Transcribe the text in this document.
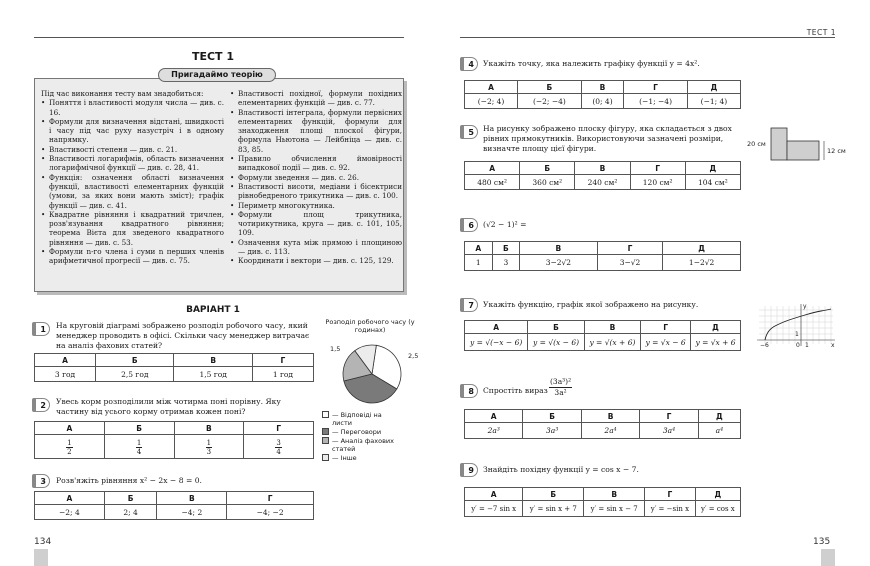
ТЕСТ 1
Під час виконання тесту вам знадобиться:
• Поняття і властивості модуля числа — див. с. 16.
• Формули для визначення відстані, швидкості і часу під час руху назустріч і в одному напрямку.
• Властивості степеня — див. с. 21.
• Властивості логарифмів, область визначення логарифмічної функції — див. с. 28, 41.
• Функція: означення області визначення функції, властивості елементарних функцій (умови, за яких вони мають зміст); графік функції — див. с. 41.
• Квадратне рівняння і квадратний тричлен, розв'язування квадратного рівняння; теорема Вієта для зведеного квадратного рівняння — див. с. 53.
• Формули n-го члена і суми n перших членів арифметичної прогресії — див. с. 75.
• Властивості похідної, формули похідних елементарних функцій — див. с. 77.
• Властивості інтеграла, формули первісних елементарних функцій, формули для знаходження площі плоскої фігури, формула Ньютона — Лейбніца — див. с. 83, 85.
• Правило обчислення ймовірності випадкової події — див. с. 92.
• Формули зведення — див. с. 26.
• Властивості висоти, медіани і бісектриси рівнобедреного трикутника — див. с. 100.
• Периметр многокутника.
• Формули площ трикутника, чотирикутника, круга — див. с. 101, 105, 109.
• Означення кута між прямою і площиною — див. с. 113.
• Координати і вектори — див. с. 125, 129.
Пригадаймо теорію
ВАРІАНТ 1
1	На круговій діаграмі зображено розподіл робочого часу, який менеджер проводить в офісі. Скільки часу менеджер витрачає на аналіз фахових статей?
А	Б	В	Г
3 год	2,5 год	1,5 год	1 год
2	Увесь корм розподілили між чотирма поні порівну. Яку частину від усього корму отримав кожен поні?
А	Б	В	Г

$\frac{1}{2}$	$\frac{1}{4}$	$\frac{1}{3}$	$\frac{3}{4}$
3	Розв'яжіть рівняння x² − 2x − 8 = 0.
А	Б	В	Г
−2; 4	2; 4	−4; 2	−4; −2
Розподіл робочого часу (у годинах)
2,5
1,5
— Відповіді на листи
— Переговори
— Аналіз фахових статей
— Інше
134
ТЕСТ 1
4	Укажіть точку, яка належить графіку функції y = 4x².
А	Б	В	Г	Д
(−2; 4)	(−2; −4)	(0; 4)	(−1; −4)	(−1; 4)
5	На рисунку зображено плоску фігуру, яка складається з двох рівних прямокутників. Використовуючи зазначені розміри, визначте площу цієї фігури.	20 см
12 см
А	Б	В	Г	Д
480 см²	360 см²	240 см²	120 см²	104 см²
6	(√2 − 1)² =
А	Б	В	Г	Д
1	3	3−2√2	3−√2	1−2√2
7	Укажіть функцію, графік якої зображено на рисунку.	y
x
−6	0 1
1
А	Б	В	Г	Д
y = √(−x − 6)	y = √(x − 6)	y = √(x + 6)	y = √x − 6	y = √x + 6
8	Спростіть вираз $\frac{\text{(3a³)²}}{\text{3a²}}$
А	Б	В	Г	Д
2a³	3a³	2a⁴	3a⁴	a⁴
9	Знайдіть похідну функції y = cos x − 7.
А	Б	В	Г	Д
y′ = −7 sin x	y′ = sin x + 7	y′ = sin x − 7	y′ = −sin x	y′ = cos x
135
